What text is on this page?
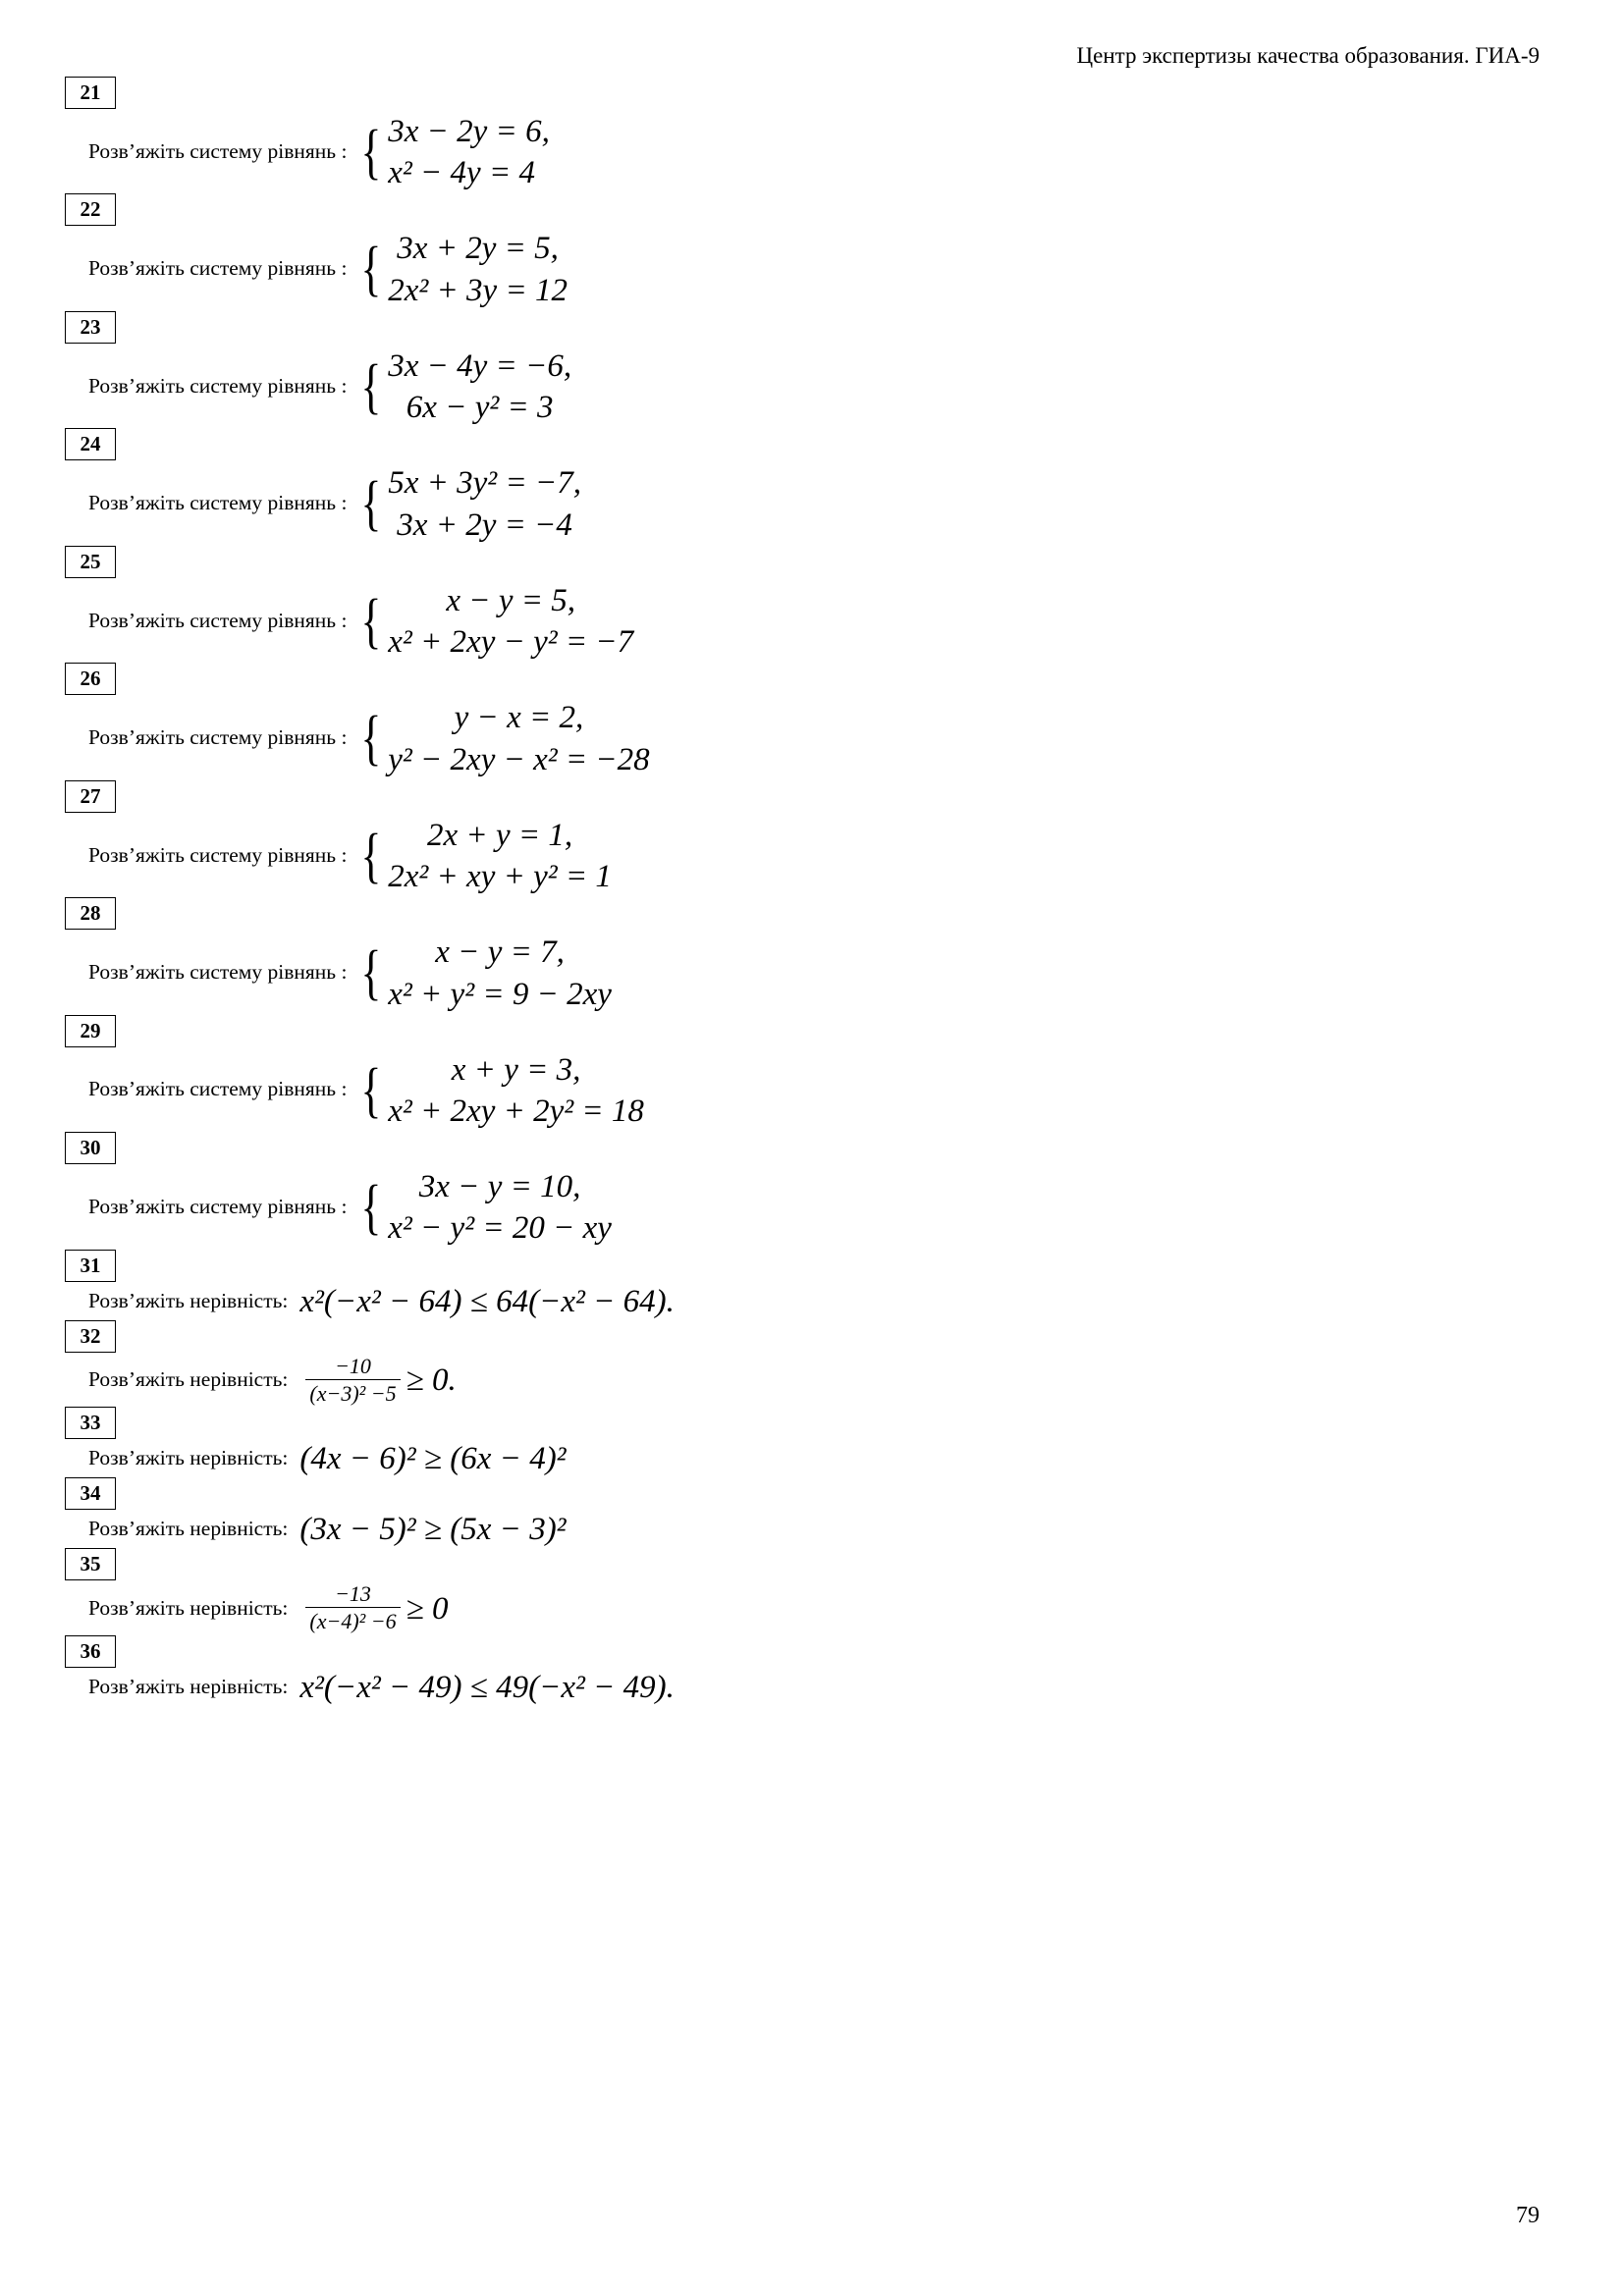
Центр экспертизы качества образования. ГИА-9
21
Розв’яжіть систему рівнянь : { 3x − 2y = 6,
x² − 4y = 4
22
Розв’яжіть систему рівнянь : { 3x + 2y = 5,
2x² + 3y = 12
23
Розв’яжіть систему рівнянь : { 3x − 4y = −6,
6x − y² = 3
24
Розв’яжіть систему рівнянь : { 5x + 3y² = −7,
3x + 2y = −4
25
Розв’яжіть систему рівнянь : {	x − y = 5,
x² + 2xy − y² = −7
26
Розв’яжіть систему рівнянь : {	y − x = 2,
y² − 2xy − x² = −28
27
Розв’яжіть систему рівнянь : {	2x + y = 1,
2x² + xy + y² = 1
28
Розв’яжіть систему рівнянь : {	x − y = 7,
x² + y² = 9 − 2xy
29
Розв’яжіть систему рівнянь : {	x + y = 3,
x² + 2xy + 2y² = 18
30
Розв’яжіть систему рівнянь : {	3x − y = 10,
x² − y² = 20 − xy
31
Розв’яжіть нерівність: x²(−x² − 64) ≤ 64(−x² − 64).
32
Розв’яжіть нерівність: $\frac{-10}{\text{(x−3)² −5}} \ge 0$.
33
Розв’яжіть нерівність: (4x − 6)² ≥ (6x − 4)²
34
Розв’яжіть нерівність: (3x − 5)² ≥ (5x − 3)²
35
Розв’яжіть нерівність: $\frac{-13}{\text{(x−4)² −6}} \ge 0$
36
Розв’яжіть нерівність: x²(−x² − 49) ≤ 49(−x² − 49).
79
